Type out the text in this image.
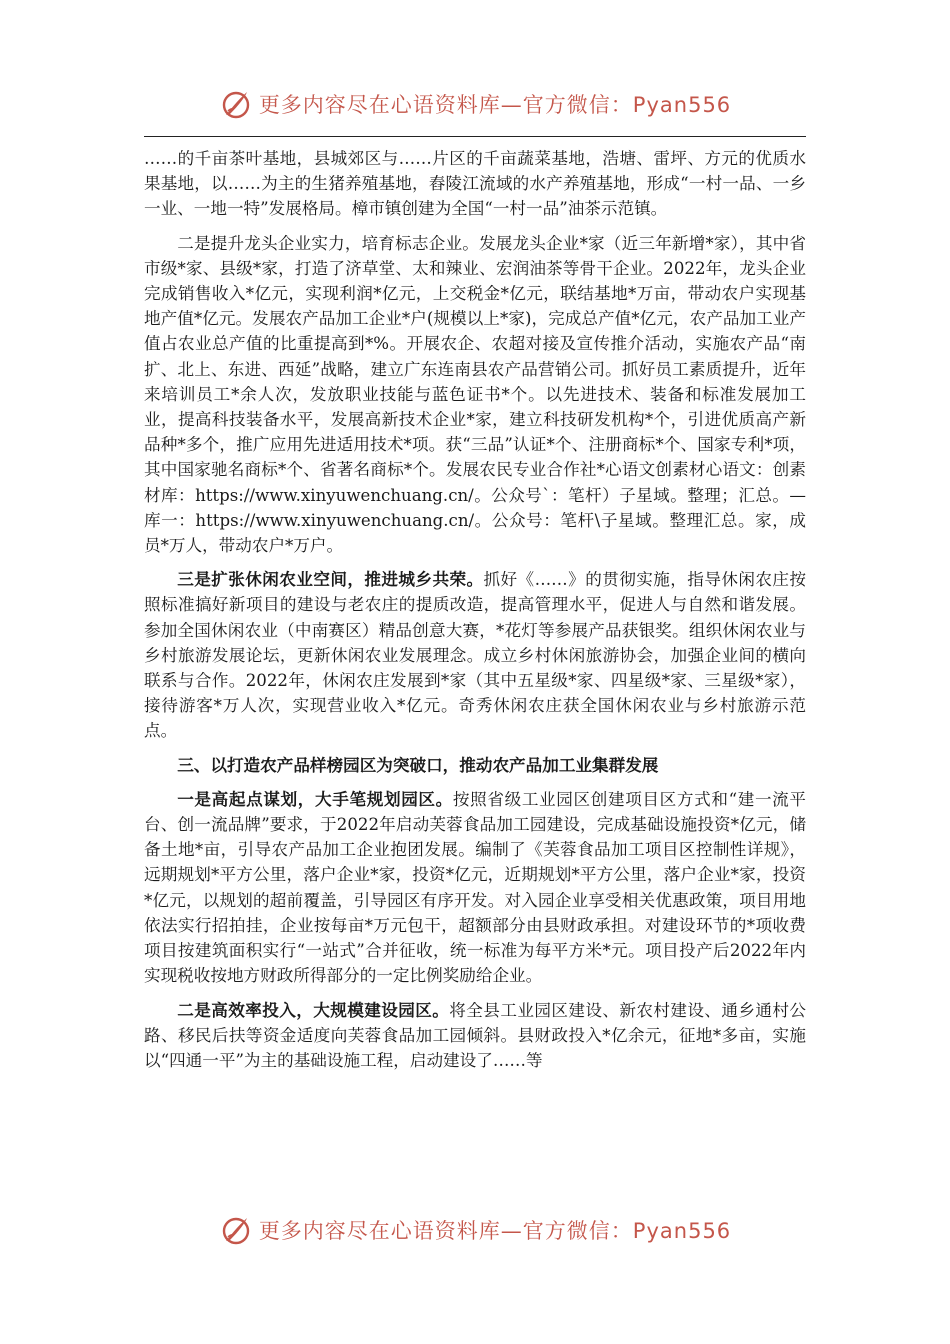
更多内容尽在心语资料库—官方微信：Pyan556

……的千亩茶叶基地，县城郊区与……片区的千亩蔬菜基地，浩塘、雷坪、方元的优质水果基地，以……为主的生猪养殖基地，舂陵江流域的水产养殖基地，形成“一村一品、一乡一业、一地一特”发展格局。樟市镇创建为全国“一村一品”油茶示范镇。

二是提升龙头企业实力，培育标志企业。发展龙头企业*家（近三年新增*家），其中省市级*家、县级*家，打造了济草堂、太和辣业、宏润油茶等骨干企业。2022年，龙头企业完成销售收入*亿元，实现利润*亿元，上交税金*亿元，联结基地*万亩，带动农户实现基地产值*亿元。发展农产品加工企业*户(规模以上*家)，完成总产值*亿元，农产品加工业产值占农业总产值的比重提高到*%。开展农企、农超对接及宣传推介活动，实施农产品“南扩、北上、东进、西延”战略，建立广东连南县农产品营销公司。抓好员工素质提升，近年来培训员工*余人次，发放职业技能与蓝色证书*个。以先进技术、装备和标准发展加工业，提高科技装备水平，发展高新技术企业*家，建立科技研发机构*个，引进优质高产新品种*多个，推广应用先进适用技术*项。获“三品”认证*个、注册商标*个、国家专利*项，其中国家驰名商标*个、省著名商标*个。发展农民专业合作社*心语文创素材心语文：创素材库：https://www.xinyuwenchuang.cn/。公众号`：笔杆）子星域。整理；汇总。—库一：https://www.xinyuwenchuang.cn/。公众号：笔杆\子星域。整理汇总。家，成员*万人，带动农户*万户。

三是扩张休闲农业空间，推进城乡共荣。抓好《……》的贯彻实施，指导休闲农庄按照标准搞好新项目的建设与老农庄的提质改造，提高管理水平，促进人与自然和谐发展。参加全国休闲农业（中南赛区）精品创意大赛，*花灯等参展产品获银奖。组织休闲农业与乡村旅游发展论坛，更新休闲农业发展理念。成立乡村休闲旅游协会，加强企业间的横向联系与合作。2022年，休闲农庄发展到*家（其中五星级*家、四星级*家、三星级*家），接待游客*万人次，实现营业收入*亿元。奇秀休闲农庄获全国休闲农业与乡村旅游示范点。

三、以打造农产品样榜园区为突破口，推动农产品加工业集群发展

一是高起点谋划，大手笔规划园区。按照省级工业园区创建项目区方式和“建一流平台、创一流品牌”要求，于2022年启动芙蓉食品加工园建设，完成基础设施投资*亿元，储备土地*亩，引导农产品加工企业抱团发展。编制了《芙蓉食品加工项目区控制性详规》，远期规划*平方公里，落户企业*家，投资*亿元，近期规划*平方公里，落户企业*家，投资*亿元，以规划的超前覆盖，引导园区有序开发。对入园企业享受相关优惠政策，项目用地依法实行招拍挂，企业按每亩*万元包干，超额部分由县财政承担。对建设环节的*项收费项目按建筑面积实行“一站式”合并征收，统一标准为每平方米*元。项目投产后2022年内实现税收按地方财政所得部分的一定比例奖励给企业。

二是高效率投入，大规模建设园区。将全县工业园区建设、新农村建设、通乡通村公路、移民后扶等资金适度向芙蓉食品加工园倾斜。县财政投入*亿余元，征地*多亩，实施以“四通一平”为主的基础设施工程，启动建设了……等

更多内容尽在心语资料库—官方微信：Pyan556
